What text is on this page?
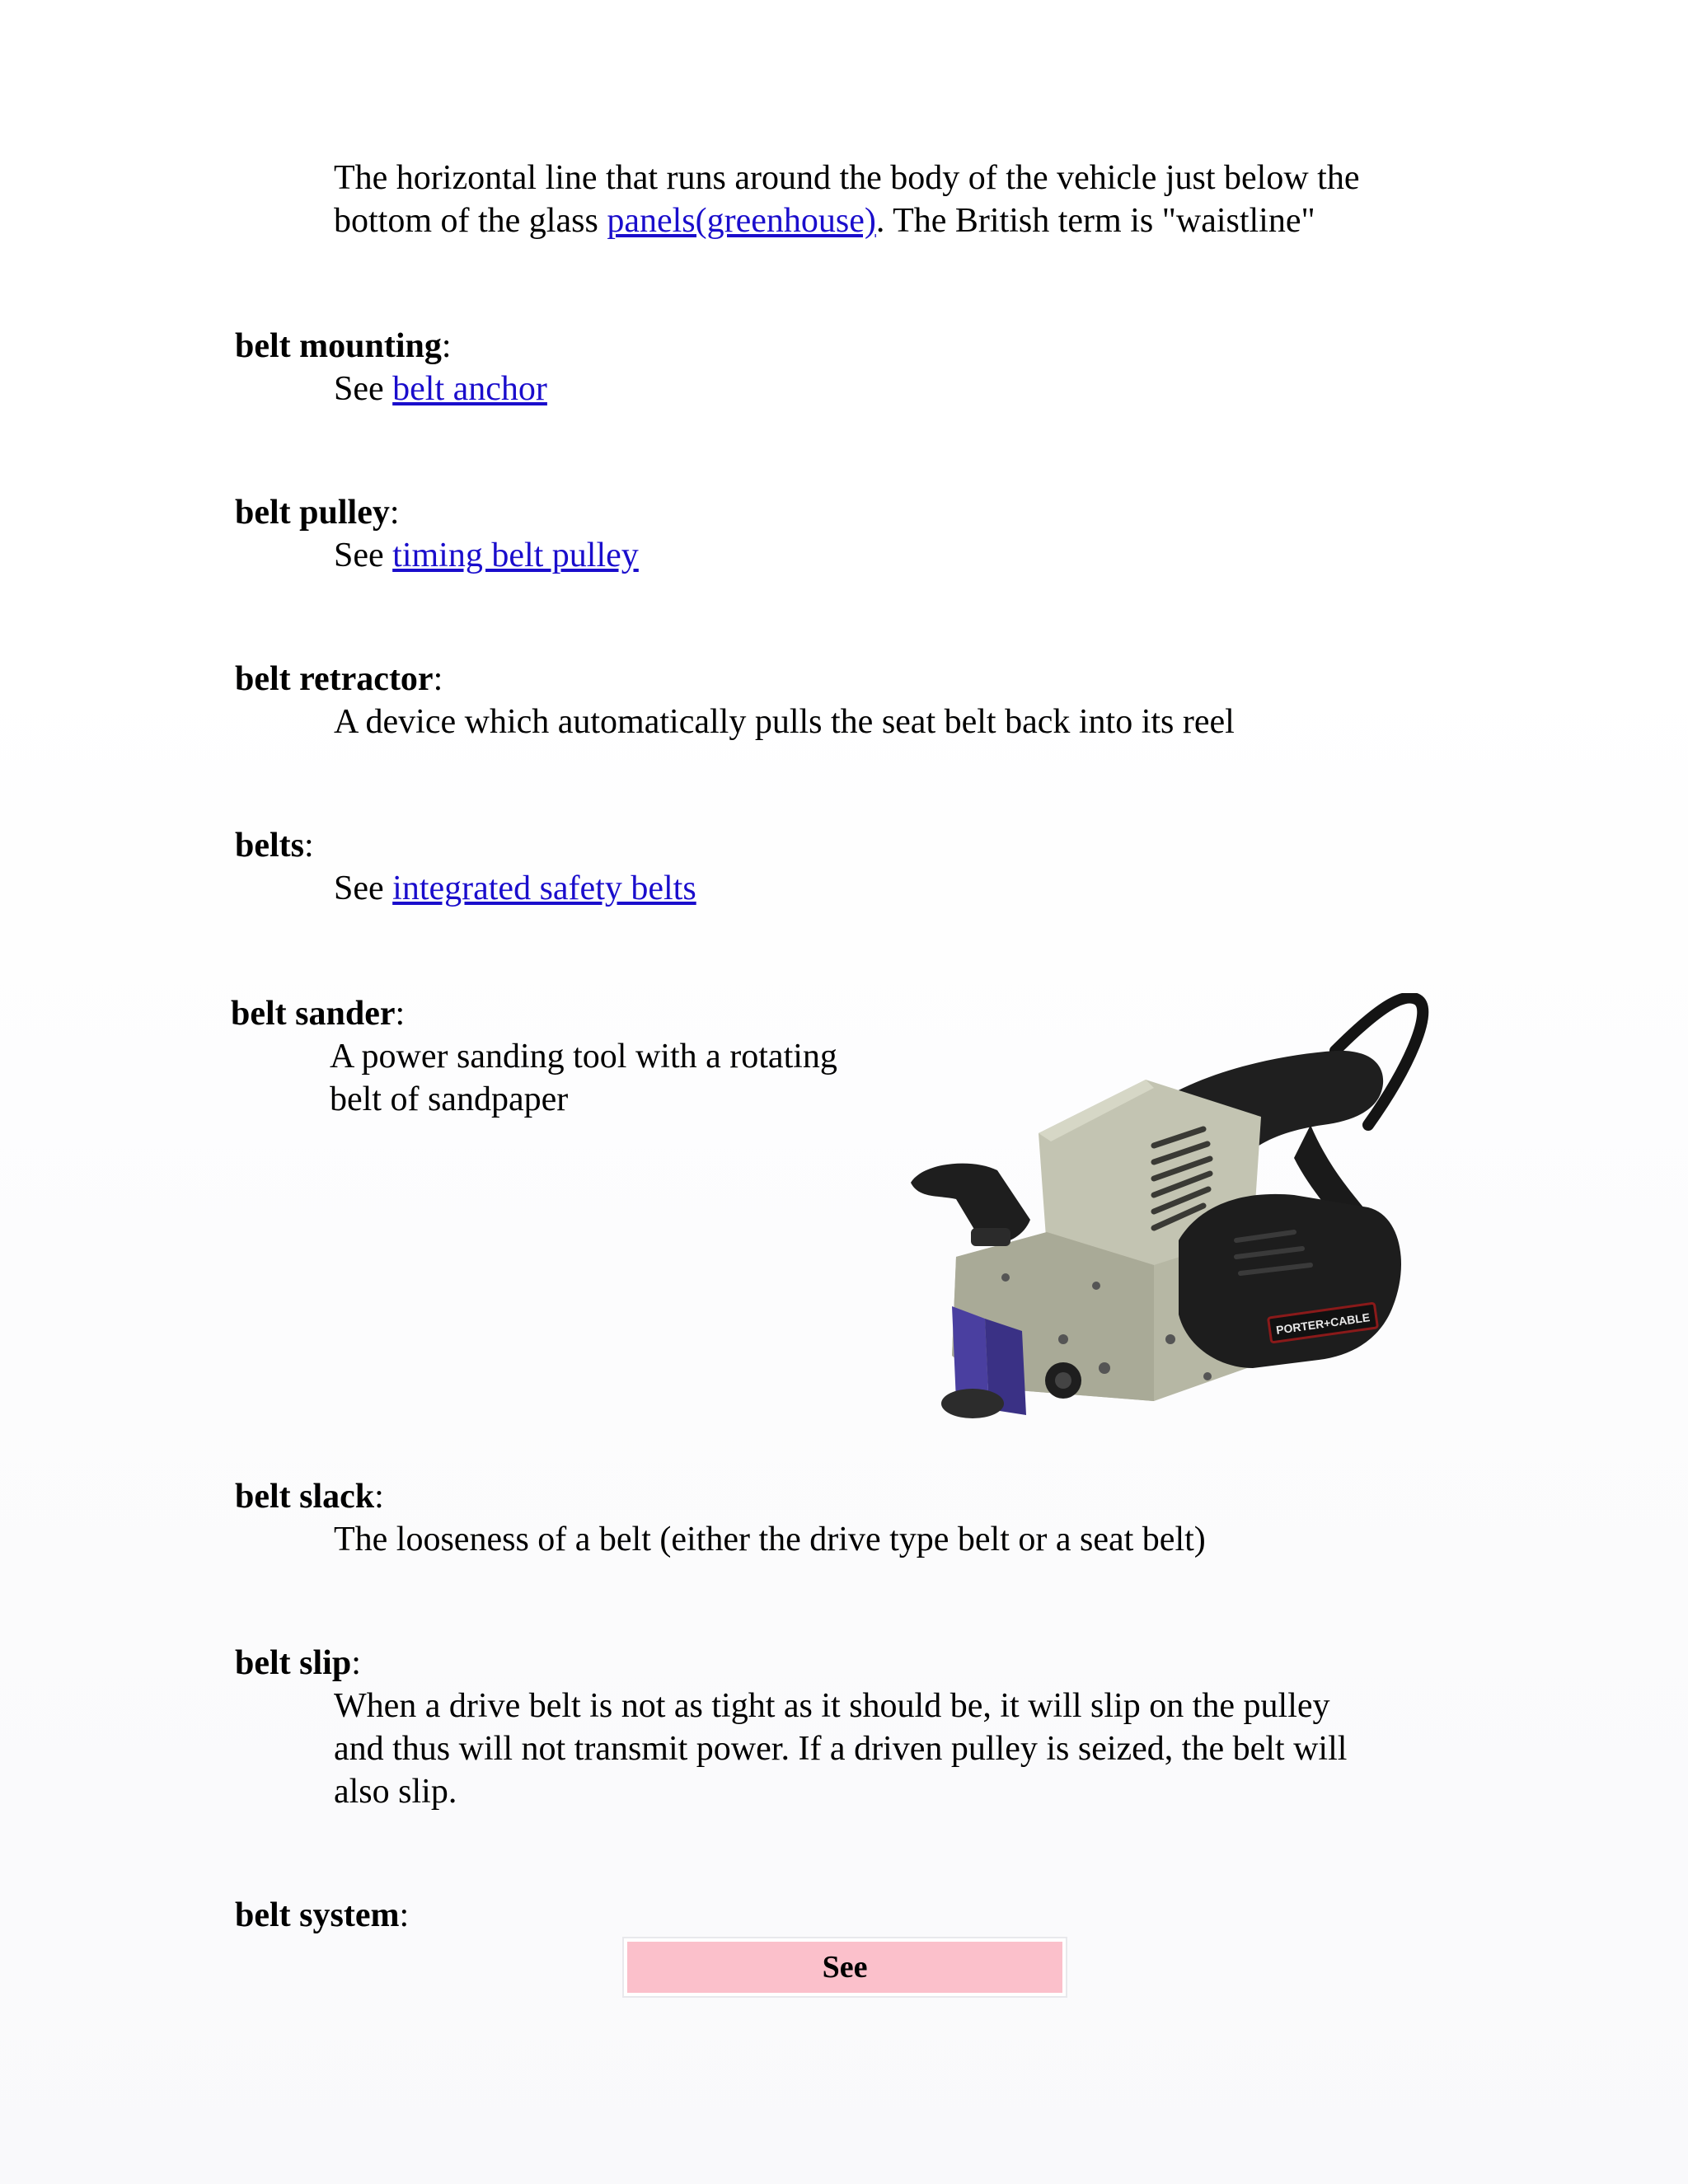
The horizontal line that runs around the body of the vehicle just below the
bottom of the glass panels(greenhouse). The British term is "waistline"
belt mounting:
See belt anchor
belt pulley:
See timing belt pulley
belt retractor:
A device which automatically pulls the seat belt back into its reel
belts:
See integrated safety belts
belt sander:
A power sanding tool with a rotating
belt of sandpaper
PORTER+CABLE
belt slack:
The looseness of a belt (either the drive type belt or a seat belt)
belt slip:
When a drive belt is not as tight as it should be, it will slip on the pulley
and thus will not transmit power. If a driven pulley is seized, the belt will
also slip.
belt system:
See
